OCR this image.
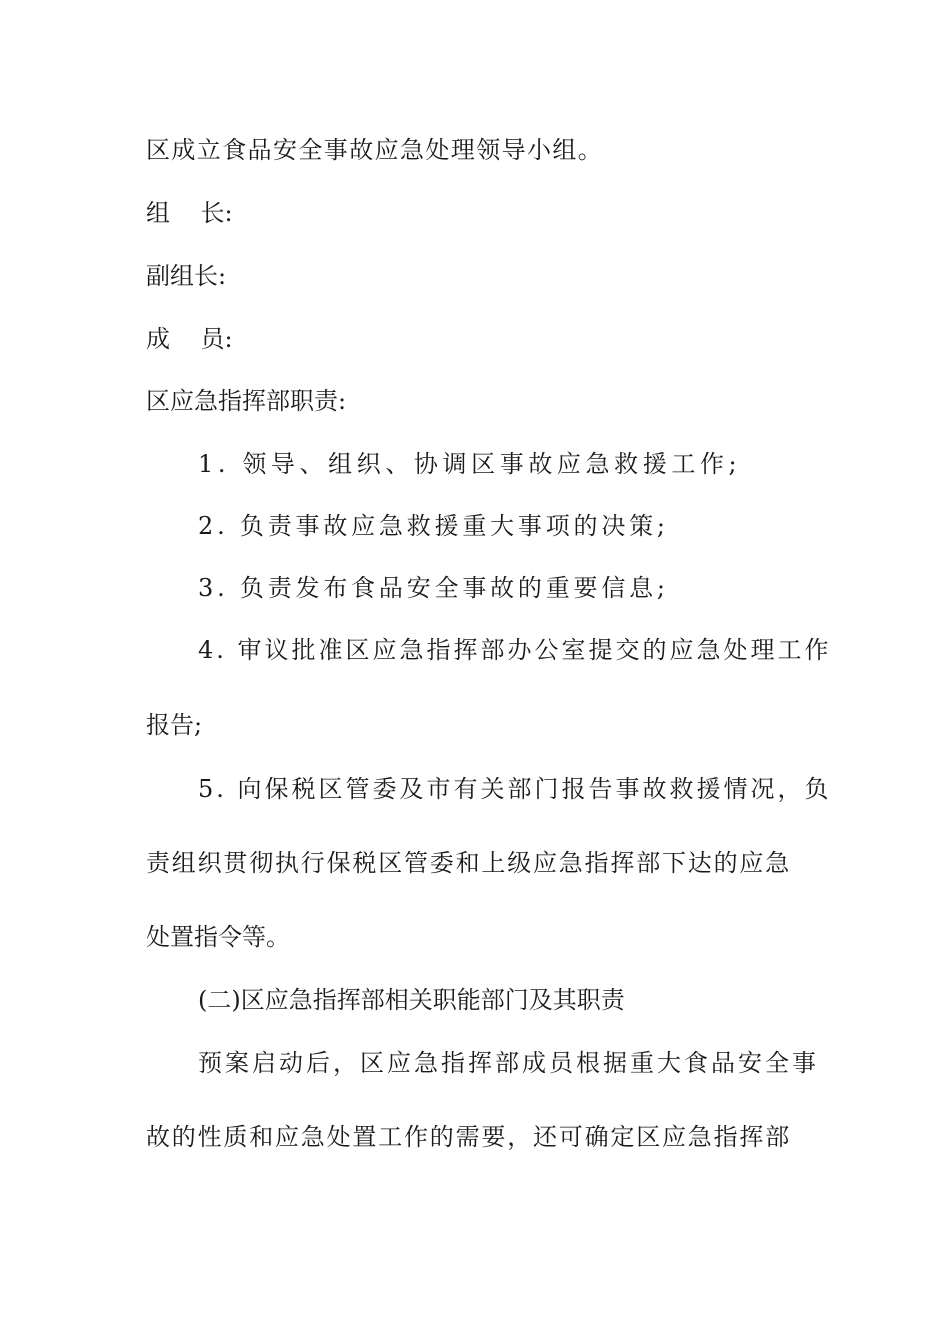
区成立食品安全事故应急处理领导小组。
组    长:
副组长:
成    员:
区应急指挥部职责:
1. 领导、组织、协调区事故应急救援工作;
2. 负责事故应急救援重大事项的决策;
3. 负责发布食品安全事故的重要信息;
4. 审议批准区应急指挥部办公室提交的应急处理工作
报告;
5. 向保税区管委及市有关部门报告事故救援情况，负
责组织贯彻执行保税区管委和上级应急指挥部下达的应急
处置指令等。
(二)区应急指挥部相关职能部门及其职责
预案启动后，区应急指挥部成员根据重大食品安全事
故的性质和应急处置工作的需要，还可确定区应急指挥部
